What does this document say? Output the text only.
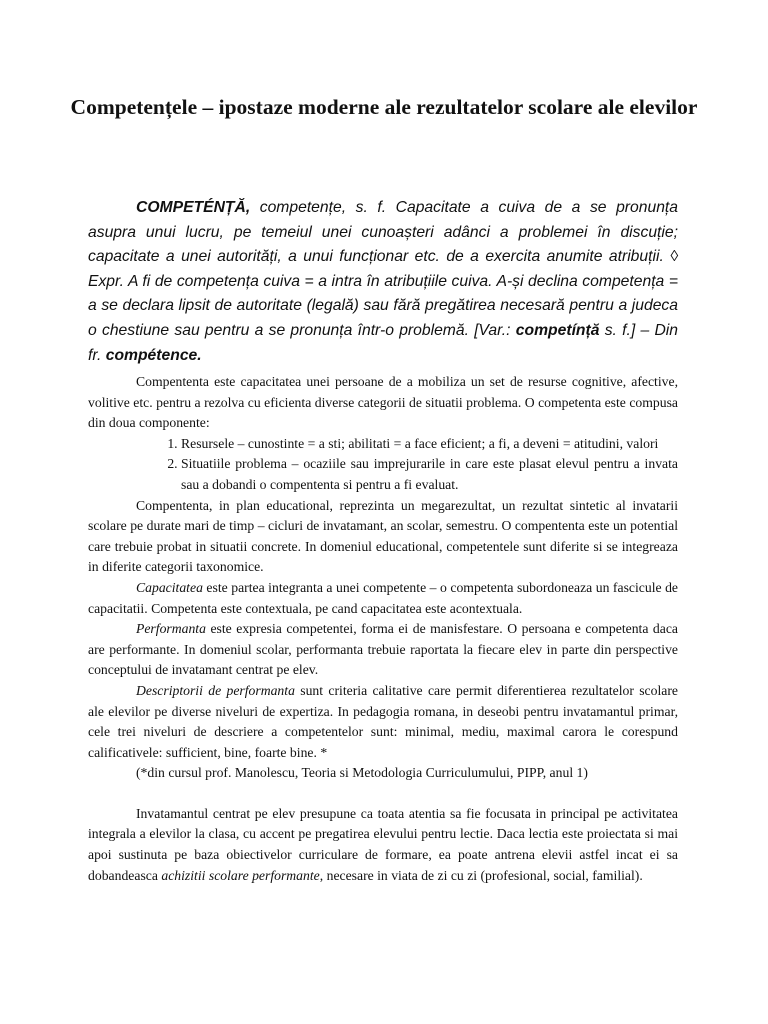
Competențele – ipostaze moderne ale rezultatelor scolare ale elevilor

COMPETÉNȚĂ, competențe, s. f. Capacitate a cuiva de a se pronunța asupra unui lucru, pe temeiul unei cunoașteri adânci a problemei în discuție; capacitate a unei autorități, a unui funcționar etc. de a exercita anumite atribuții. ◊ Expr. A fi de competența cuiva = a intra în atribuțiile cuiva. A-și declina competența = a se declara lipsit de autoritate (legală) sau fără pregătirea necesară pentru a judeca o chestiune sau pentru a se pronunța într-o problemă. [Var.: competínță s. f.] – Din fr. compétence.

Compententa este capacitatea unei persoane de a mobiliza un set de resurse cognitive, afective, volitive etc. pentru a rezolva cu eficienta diverse categorii de situatii problema. O competenta este compusa din doua componente:

1. Resursele – cunostinte = a sti; abilitati = a face eficient; a fi, a deveni = atitudini, valori
2. Situatiile problema – ocaziile sau imprejurarile in care este plasat elevul pentru a invata sau a dobandi o compententa si pentru a fi evaluat.

Compententa, in plan educational, reprezinta un megarezultat, un rezultat sintetic al invatarii scolare pe durate mari de timp – cicluri de invatamant, an scolar, semestru. O compententa este un potential care trebuie probat in situatii concrete. In domeniul educational, competentele sunt diferite si se integreaza in diferite categorii taxonomice.

Capacitatea este partea integranta a unei competente – o competenta subordoneaza un fascicule de capacitatii. Competenta este contextuala, pe cand capacitatea este acontextuala.

Performanta este expresia competentei, forma ei de manisfestare. O persoana e competenta daca are performante. In domeniul scolar, performanta trebuie raportata la fiecare elev in parte din perspective conceptului de invatamant centrat pe elev.

Descriptorii de performanta sunt criteria calitative care permit diferentierea rezultatelor scolare ale elevilor pe diverse niveluri de expertiza. In pedagogia romana, in deseobi pentru invatamantul primar, cele trei niveluri de descriere a competentelor sunt: minimal, mediu, maximal carora le corespund calificativele: sufficient, bine, foarte bine. *

(*din cursul prof. Manolescu, Teoria si Metodologia Curriculumului, PIPP, anul 1)

Invatamantul centrat pe elev presupune ca toata atentia sa fie focusata in principal pe activitatea integrala a elevilor la clasa, cu accent pe pregatirea elevului pentru lectie. Daca lectia este proiectata si mai apoi sustinuta pe baza obiectivelor curriculare de formare, ea poate antrena elevii astfel incat ei sa dobandeasca achizitii scolare performante, necesare in viata de zi cu zi (profesional, social, familial).
